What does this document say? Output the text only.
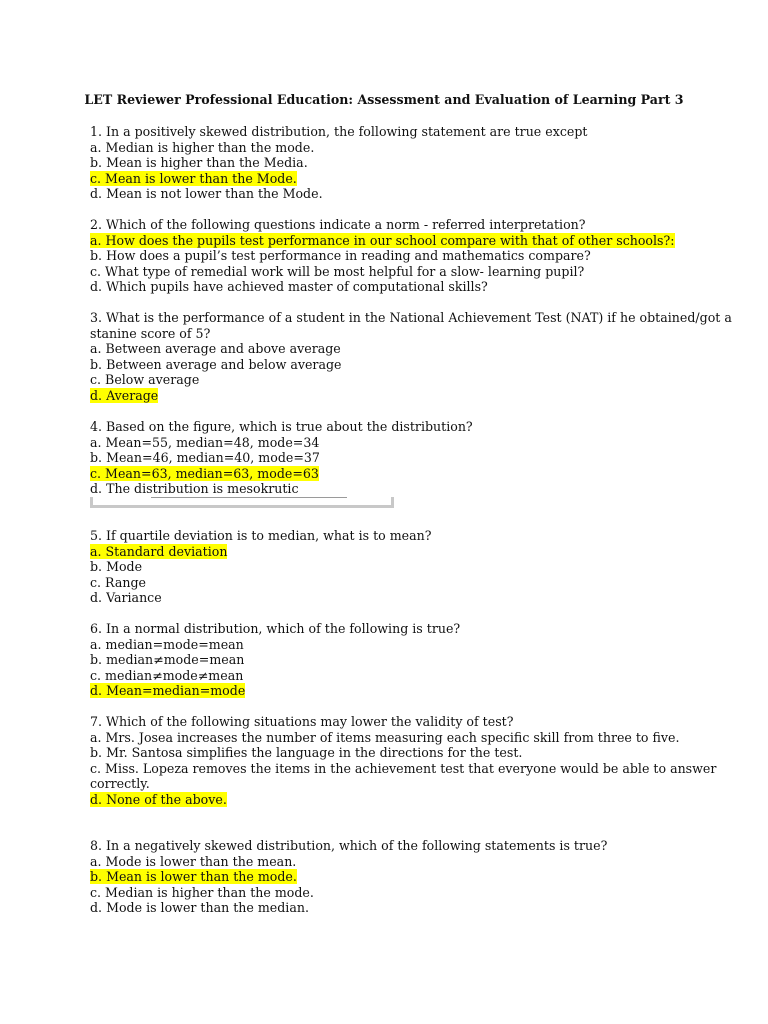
LET Reviewer Professional Education: Assessment and Evaluation of Learning Part 3
1. In a positively skewed distribution, the following statement are true except
a. Median is higher than the mode.
b. Mean is higher than the Media.
c. Mean is lower than the Mode.
d. Mean is not lower than the Mode.
2. Which of the following questions indicate a norm - referred interpretation?
a. How does the pupils test performance in our school compare with that of other schools?:
b. How does a pupil’s test performance in reading and mathematics compare?
c. What type of remedial work will be most helpful for a slow- learning pupil?
d. Which pupils have achieved master of computational skills?
3. What is the performance of a student in the National Achievement Test (NAT) if he obtained/got a
stanine score of 5?
a. Between average and above average
b. Between average and below average
c. Below average
d. Average
4. Based on the figure, which is true about the distribution?
a. Mean=55, median=48, mode=34
b. Mean=46, median=40, mode=37
c. Mean=63, median=63, mode=63
d. The distribution is mesokrutic
5. If quartile deviation is to median, what is to mean?
a. Standard deviation
b. Mode
c. Range
d. Variance
6. In a normal distribution, which of the following is true?
a. median=mode=mean
b. median≠mode=mean
c. median≠mode≠mean
d. Mean=median=mode
7. Which of the following situations may lower the validity of test?
a. Mrs. Josea increases the number of items measuring each specific skill from three to five.
b. Mr. Santosa simplifies the language in the directions for the test.
c. Miss. Lopeza removes the items in the achievement test that everyone would be able to answer
correctly.
d. None of the above.
8. In a negatively skewed distribution, which of the following statements is true?
a. Mode is lower than the mean.
b. Mean is lower than the mode.
c. Median is higher than the mode.
d. Mode is lower than the median.
